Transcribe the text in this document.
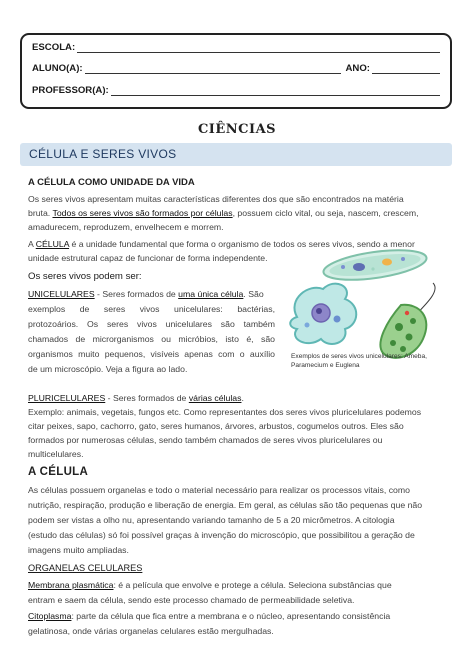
ESCOLA:
ALUNO(A):	ANO:
PROFESSOR(A):
CIÊNCIAS
CÉLULA E SERES VIVOS
A CÉLULA COMO UNIDADE DA VIDA
Os seres vivos apresentam muitas características diferentes dos que são encontrados na matéria
bruta. Todos os seres vivos são formados por células, possuem ciclo vital, ou seja, nascem, crescem,
amadurecem, reproduzem, envelhecem e morrem.
A CÉLULA é a unidade fundamental que forma o organismo de todos os seres vivos, sendo a menor
unidade estrutural capaz de funcionar de forma independente.
Os seres vivos podem ser:
UNICELULARES - Seres formados de uma única célula. São
exemplos de seres vivos unicelulares: bactérias,
protozoários. Os seres vivos unicelulares são também
chamados de microrganismos ou micróbios, isto é, são
organismos muito pequenos, visíveis apenas com o auxílio
de um microscópio. Veja a figura ao lado.
Exemplos de seres vivos unicelulares: Ameba, Paramecium e Euglena
PLURICELULARES - Seres formados de várias células.
Exemplo: animais, vegetais, fungos etc. Como representantes dos seres vivos pluricelulares podemos
citar peixes, sapo, cachorro, gato, seres humanos, árvores, arbustos, cogumelos outros. Eles são
formados por numerosas células, sendo também chamados de seres vivos pluricelulares ou
multicelulares.
A CÉLULA
As células possuem organelas e todo o material necessário para realizar os processos vitais, como
nutrição, respiração, produção e liberação de energia. Em geral, as células são tão pequenas que não
podem ser vistas a olho nu, apresentando variando tamanho de 5 a 20 micrômetros. A citologia
(estudo das células) só foi possível graças à invenção do microscópio, que possibilitou a geração de
imagens muito ampliadas.
ORGANELAS CELULARES
Membrana plasmática: é a película que envolve e protege a célula. Seleciona substâncias que
entram e saem da célula, sendo este processo chamado de permeabilidade seletiva.
Citoplasma: parte da célula que fica entre a membrana e o núcleo, apresentando consistência
gelatinosa, onde várias organelas celulares estão mergulhadas.
